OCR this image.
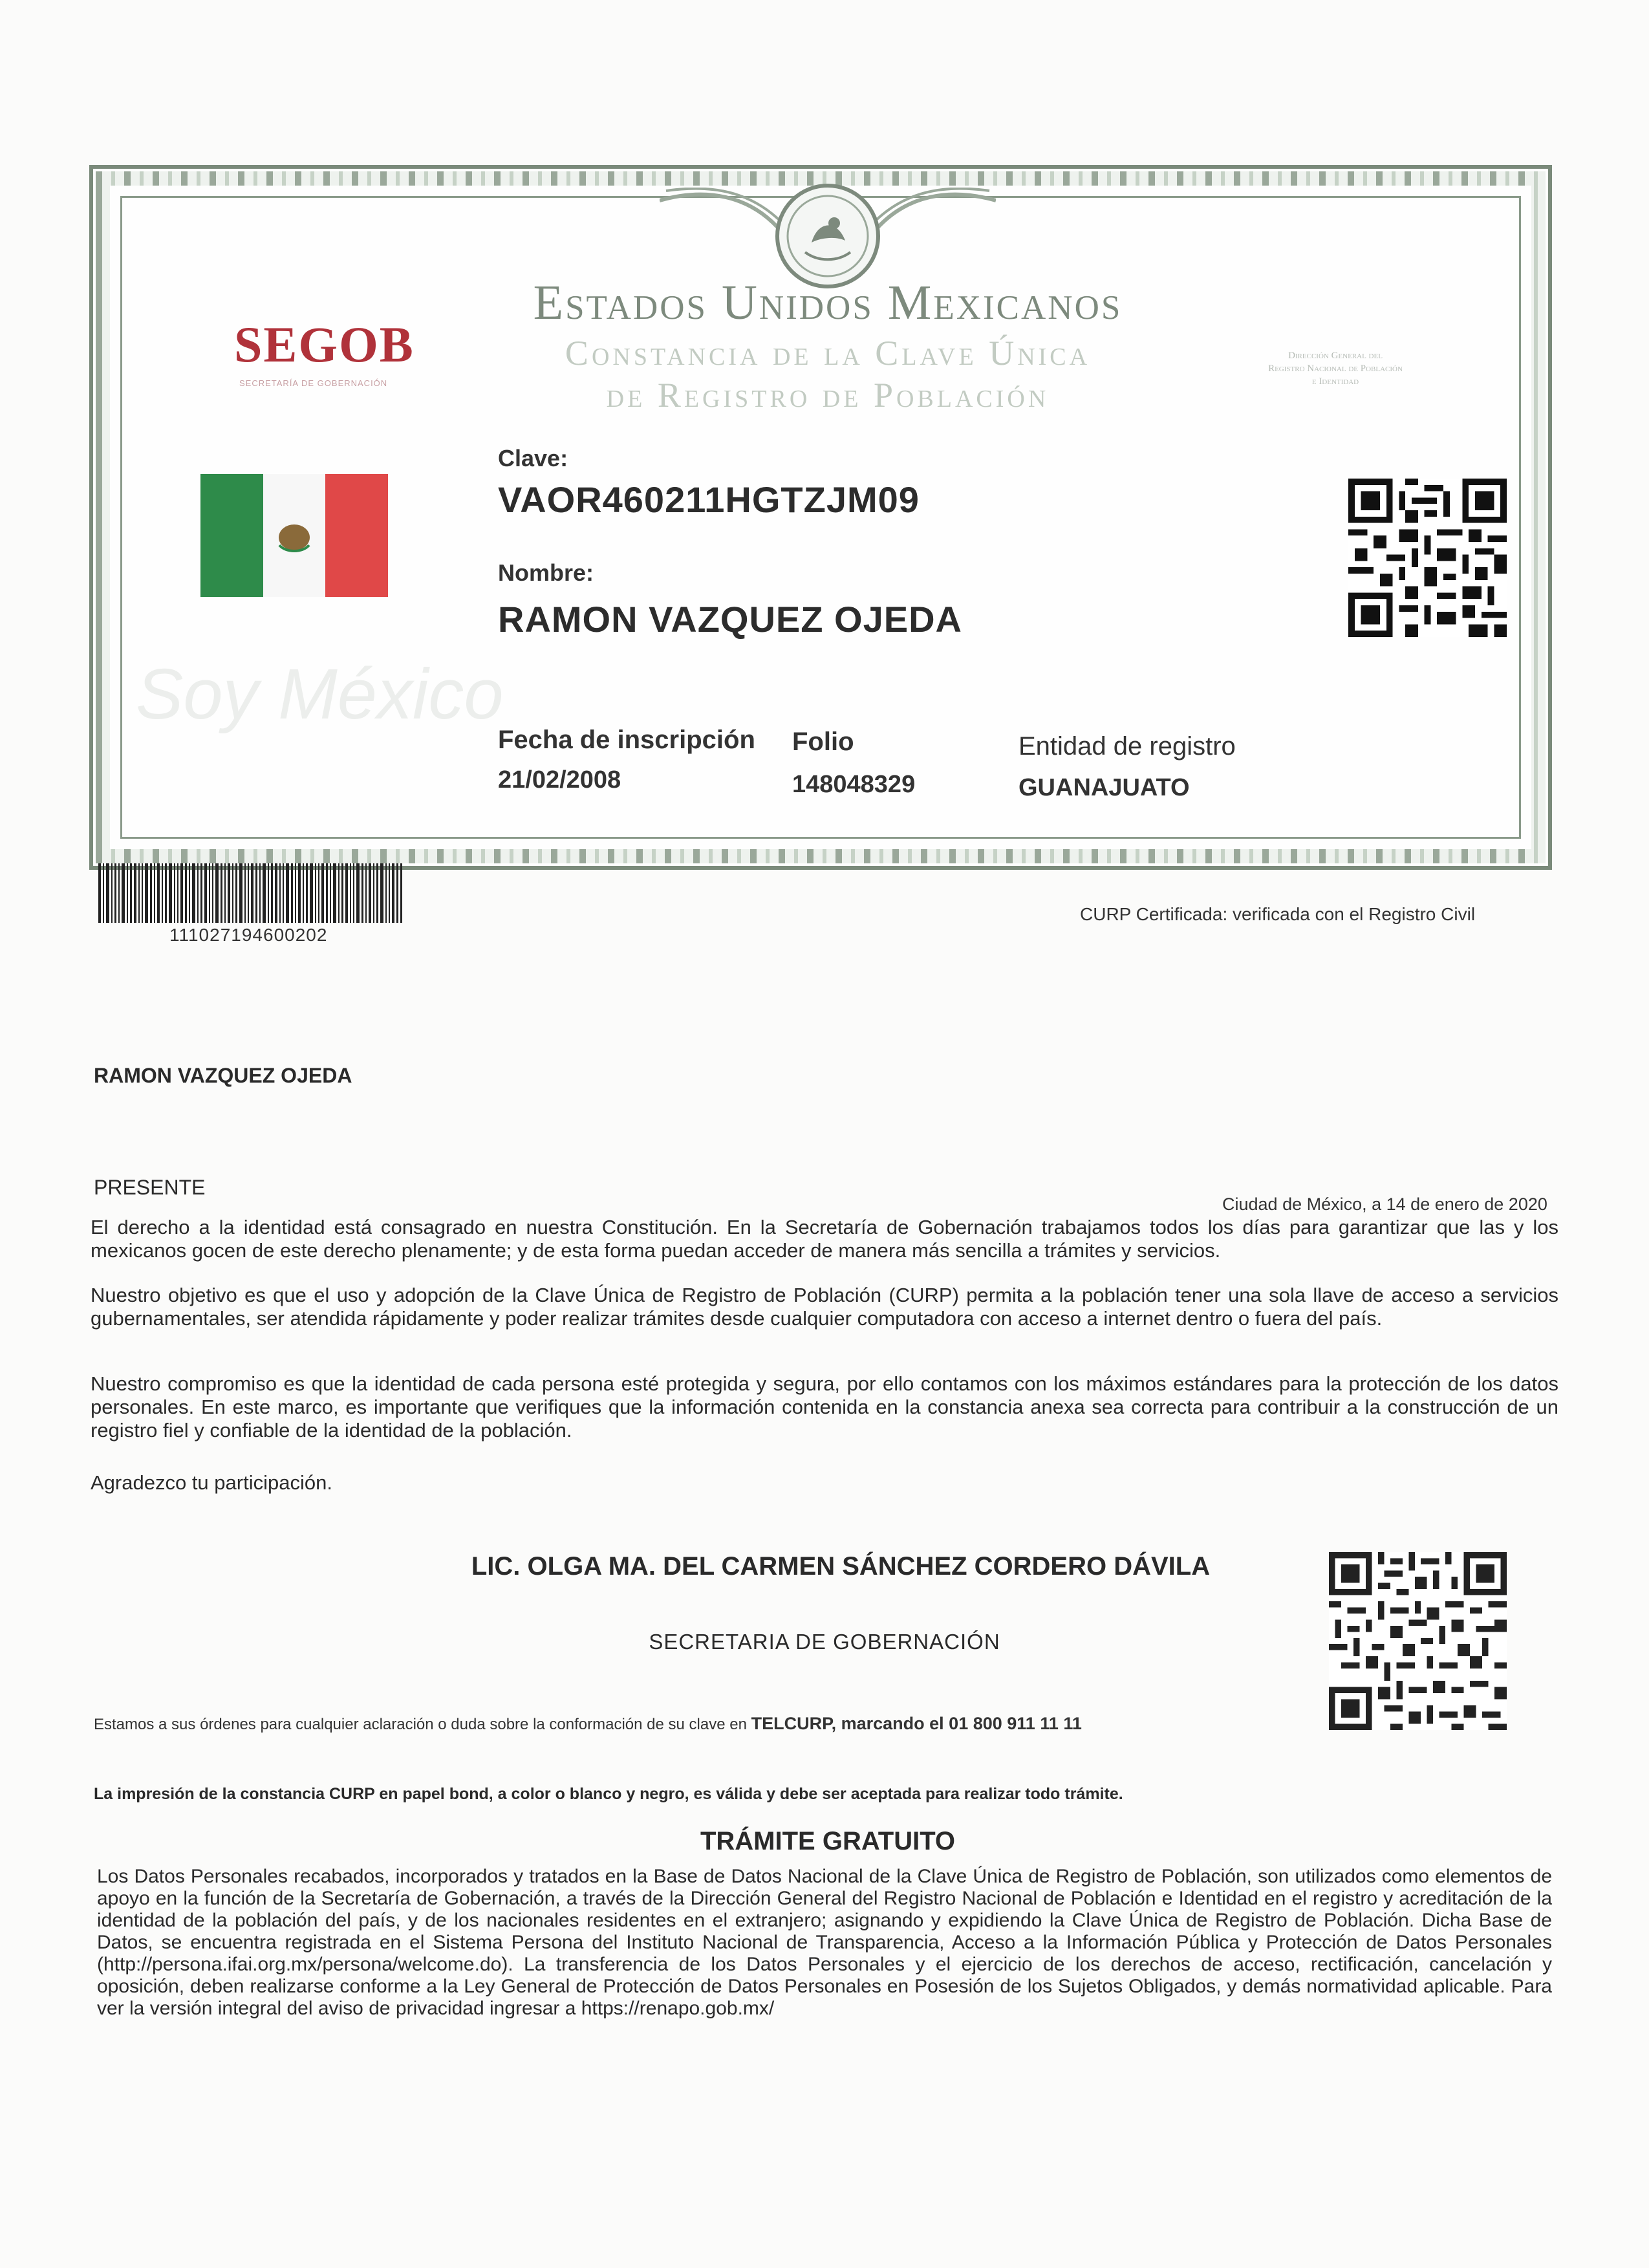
Estados Unidos Mexicanos
Constancia de la Clave Única
de Registro de Población
SEGOB
SECRETARÍA DE GOBERNACIÓN
Dirección General del
Registro Nacional de Población
e Identidad
Soy México
Clave:
VAOR460211HGTZJM09
Nombre:
RAMON VAZQUEZ OJEDA
Fecha de inscripción
21/02/2008
Folio
148048329
Entidad de registro
GUANAJUATO
111027194600202
CURP Certificada: verificada con el Registro Civil
RAMON VAZQUEZ OJEDA
PRESENTE
Ciudad de México, a 14 de enero de 2020
El derecho a la identidad está consagrado en nuestra Constitución. En la Secretaría de Gobernación trabajamos todos los días para garantizar que las y los mexicanos gocen de este derecho plenamente; y de esta forma puedan acceder de manera más sencilla a trámites y servicios.
Nuestro objetivo es que el uso y adopción de la Clave Única de Registro de Población (CURP) permita a la población tener una sola llave de acceso a servicios gubernamentales, ser atendida rápidamente y poder realizar trámites desde cualquier computadora con acceso a internet dentro o fuera del país.
Nuestro compromiso es que la identidad de cada persona esté protegida y segura, por ello contamos con los máximos estándares para la protección de los datos personales. En este marco, es importante que verifiques que la información contenida en la constancia anexa sea correcta para contribuir a la construcción de un registro fiel y confiable de la identidad de la población.
Agradezco tu participación.
LIC. OLGA MA. DEL CARMEN SÁNCHEZ CORDERO DÁVILA
SECRETARIA DE GOBERNACIÓN
Estamos a sus órdenes para cualquier aclaración o duda sobre la conformación de su clave en TELCURP, marcando el 01 800 911 11 11
La impresión de la constancia CURP en papel bond, a color o blanco y negro, es válida y debe ser aceptada para realizar todo trámite.
TRÁMITE GRATUITO
Los Datos Personales recabados, incorporados y tratados en la Base de Datos Nacional de la Clave Única de Registro de Población, son utilizados como elementos de apoyo en la función de la Secretaría de Gobernación, a través de la Dirección General del Registro Nacional de Población e Identidad en el registro y acreditación de la identidad de la población del país, y de los nacionales residentes en el extranjero; asignando y expidiendo la Clave Única de Registro de Población. Dicha Base de Datos, se encuentra registrada en el Sistema Persona del Instituto Nacional de Transparencia, Acceso a la Información Pública y Protección de Datos Personales (http://persona.ifai.org.mx/persona/welcome.do). La transferencia de los Datos Personales y el ejercicio de los derechos de acceso, rectificación, cancelación y oposición, deben realizarse conforme a la Ley General de Protección de Datos Personales en Posesión de los Sujetos Obligados, y demás normatividad aplicable. Para ver la versión integral del aviso de privacidad ingresar a https://renapo.gob.mx/
